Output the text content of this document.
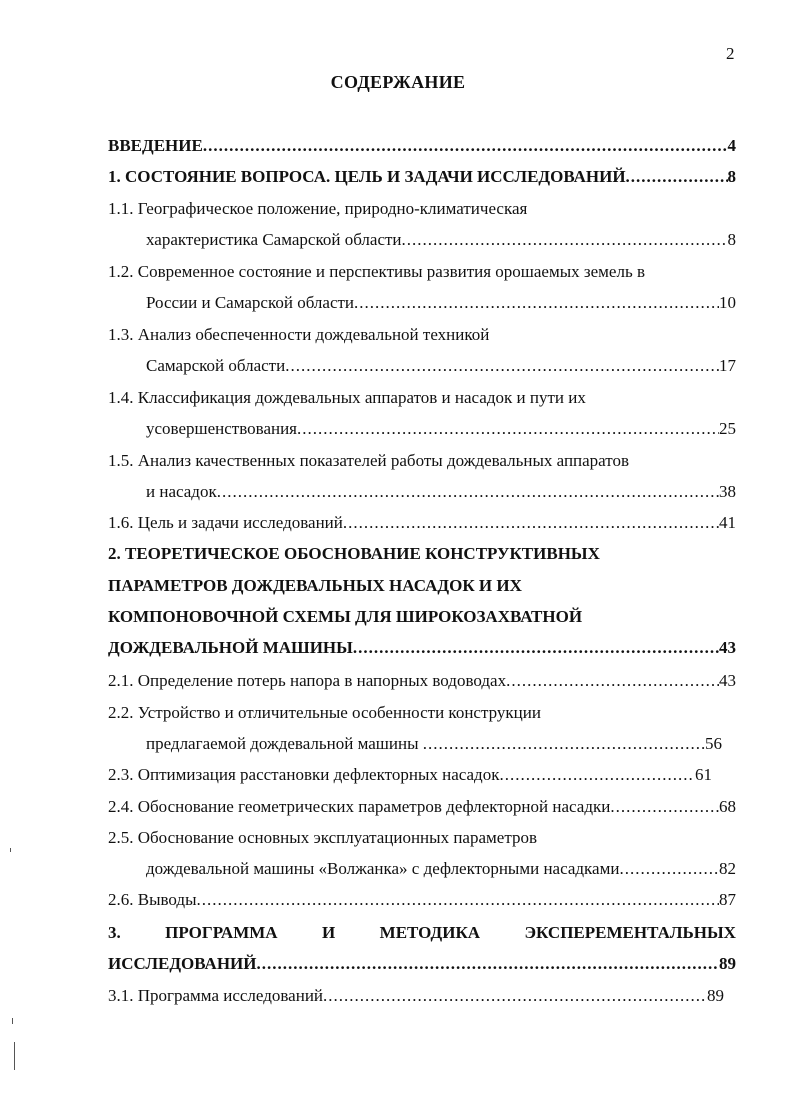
2
СОДЕРЖАНИЕ
ВВЕДЕНИЕ .....	4
1. СОСТОЯНИЕ ВОПРОСА. ЦЕЛЬ И ЗАДАЧИ ИССЛЕДОВАНИЙ .....	8
1.1. Географическое положение, природно-климатическая
характеристика Самарской области .....	8
1.2. Современное состояние и перспективы развития орошаемых земель в
России и Самарской области .....	10
1.3. Анализ обеспеченности дождевальной техникой
Самарской области .....	17
1.4. Классификация дождевальных аппаратов и насадок и пути их
усовершенствования .....	25
1.5. Анализ качественных показателей работы дождевальных аппаратов
и насадок .....	38
1.6. Цель и задачи исследований .....	41
2. ТЕОРЕТИЧЕСКОЕ ОБОСНОВАНИЕ КОНСТРУКТИВНЫХ
ПАРАМЕТРОВ ДОЖДЕВАЛЬНЫХ НАСАДОК И ИХ
КОМПОНОВОЧНОЙ СХЕМЫ ДЛЯ ШИРОКОЗАХВАТНОЙ
ДОЖДЕВАЛЬНОЙ МАШИНЫ .....	43
2.1. Определение потерь напора в напорных водоводах .....	43
2.2. Устройство и отличительные особенности конструкции
предлагаемой дождевальной машины .....	56
2.3. Оптимизация расстановки дефлекторных насадок .....	61
2.4. Обоснование геометрических параметров дефлекторной насадки .....	68
2.5. Обоснование основных эксплуатационных параметров
дождевальной машины «Волжанка» с дефлекторными насадками .....	82
2.6. Выводы .....	87
3.	ПРОГРАММА	И	МЕТОДИКА	ЭКСПЕРЕМЕНТАЛЬНЫХ
ИССЛЕДОВАНИЙ .....	89
3.1. Программа исследований .....	89
